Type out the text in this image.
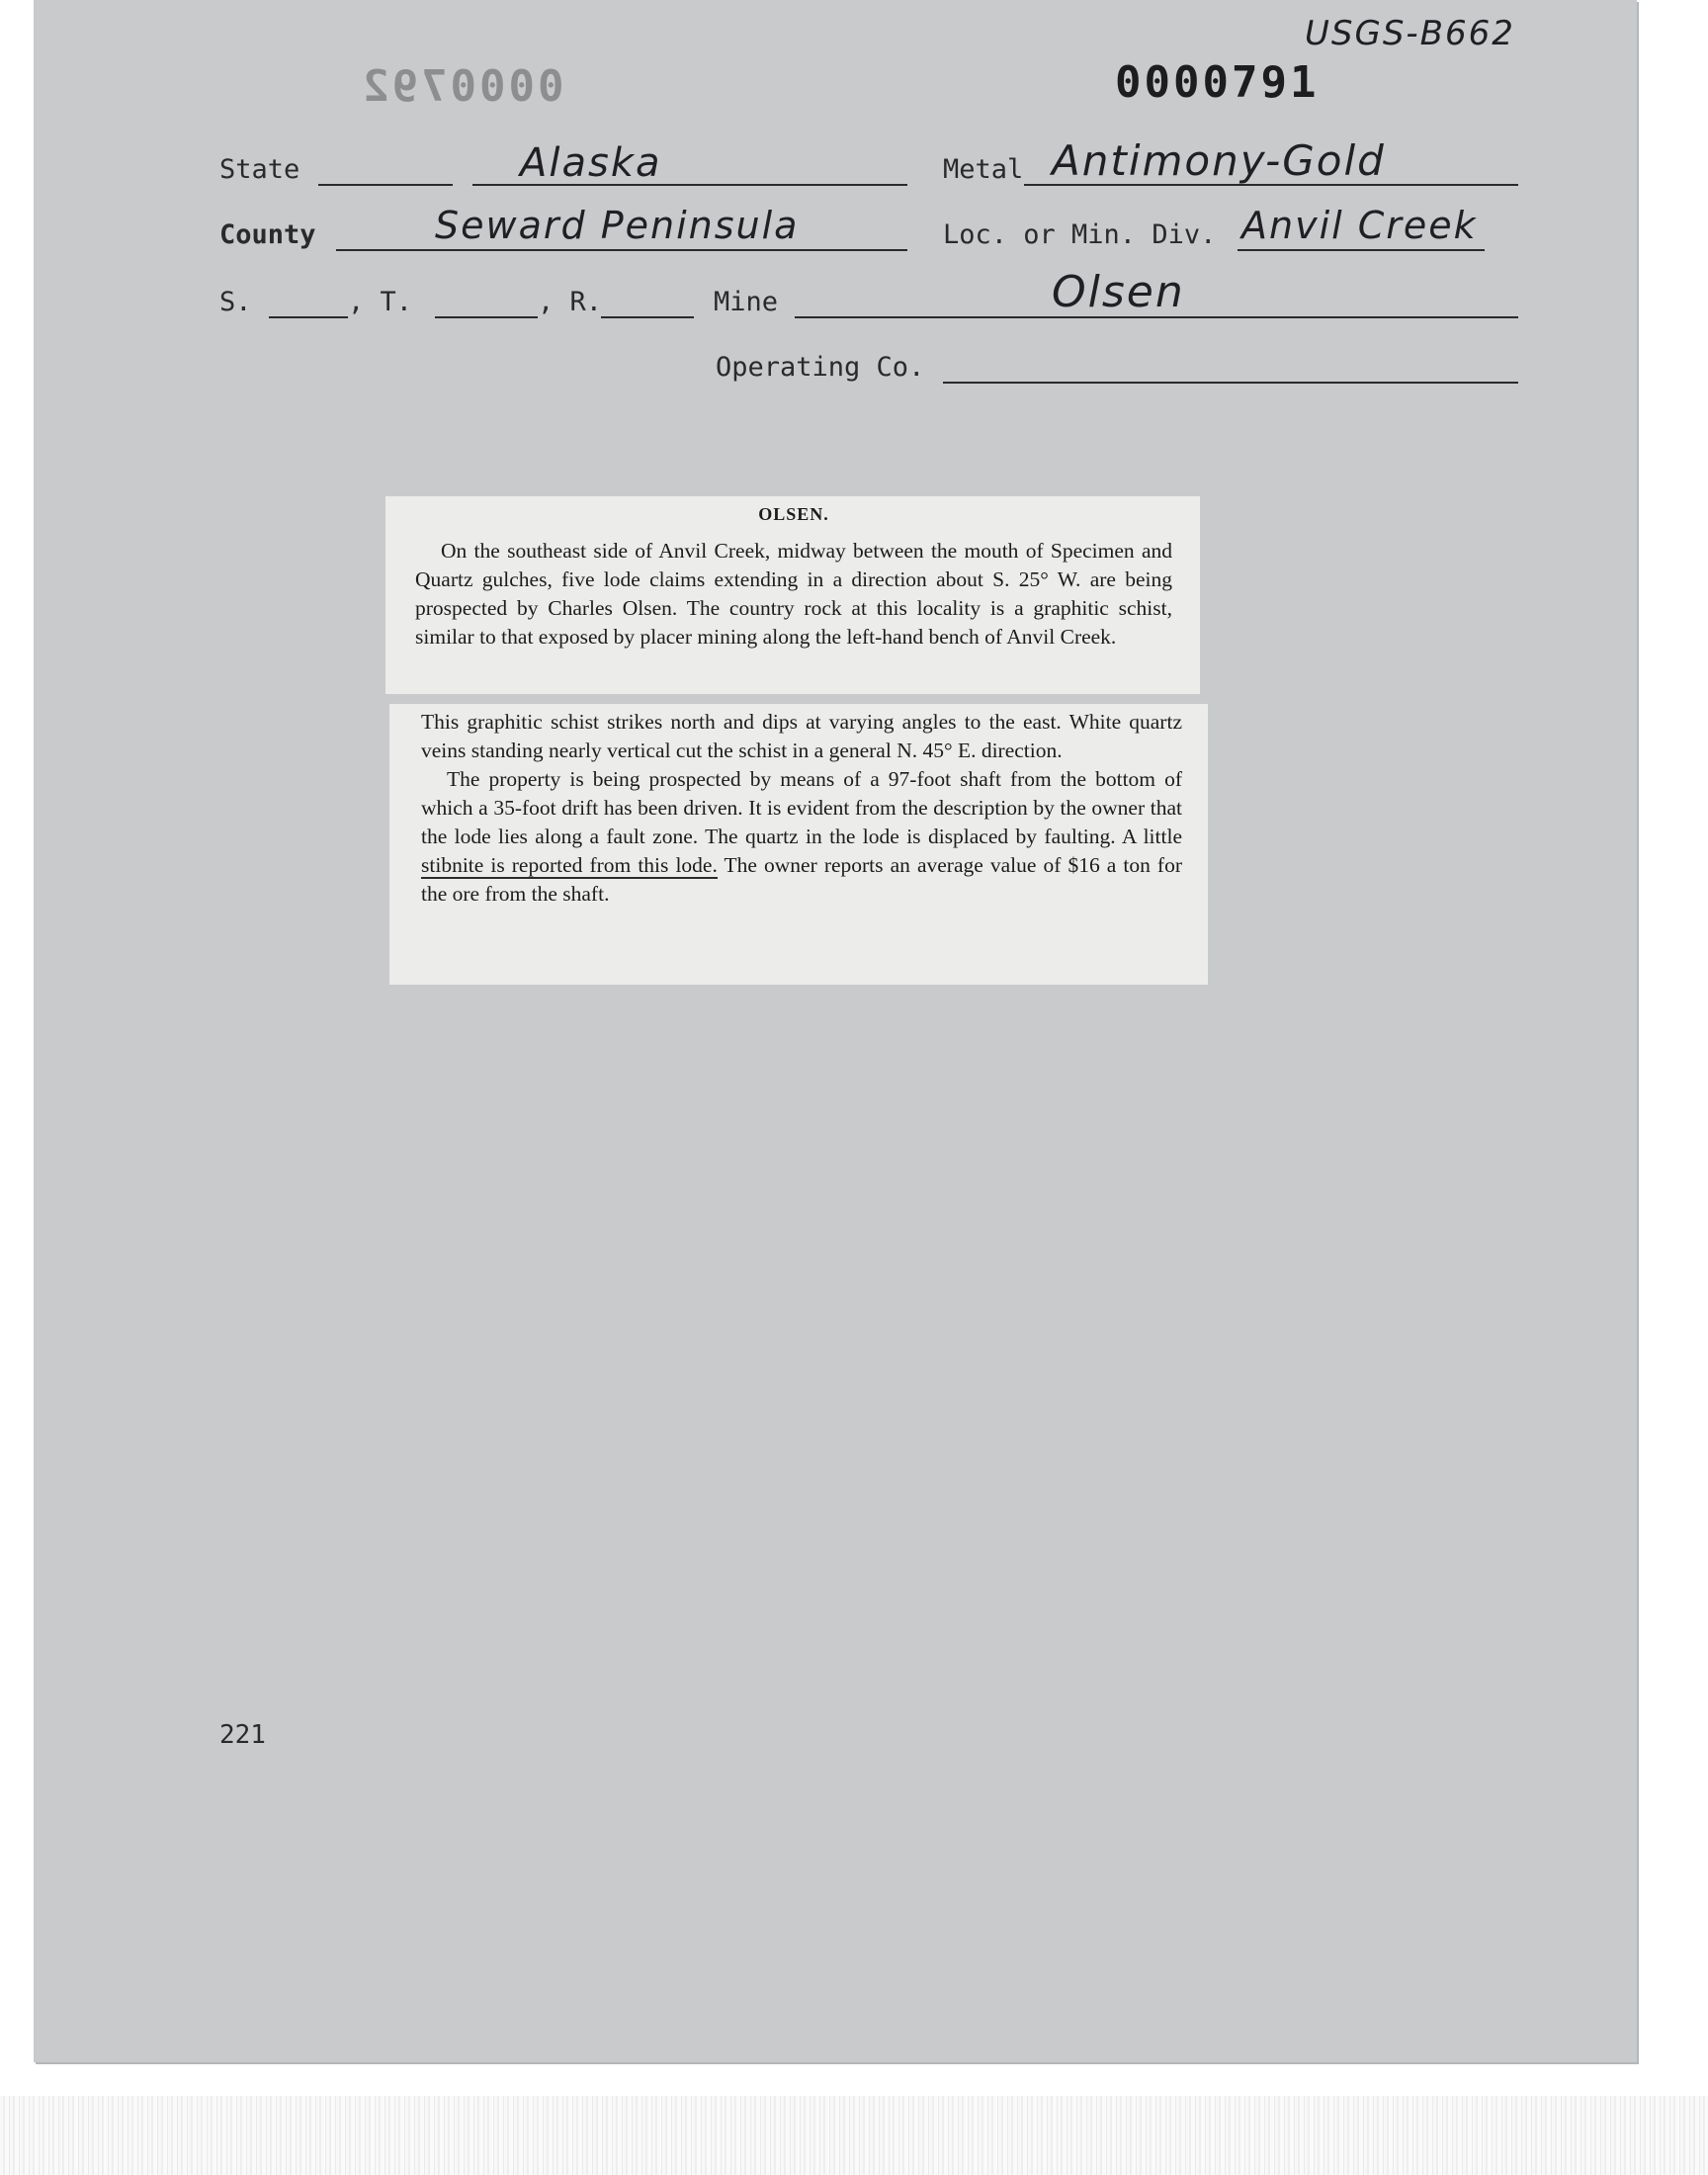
USGS-B662
0000792	0000791
State	Alaska	Metal Antimony-Gold
County	Seward Peninsula	Loc. or Min. Div. Anvil Creek
S.	, T.	, R.	Mine	Olsen
Operating Co.

OLSEN.

On the southeast side of Anvil Creek, midway between the mouth of Specimen and Quartz gulches, five lode claims extending in a direction about S. 25° W. are being prospected by Charles Olsen. The country rock at this locality is a graphitic schist, similar to that exposed by placer mining along the left-hand bench of Anvil Creek.

This graphitic schist strikes north and dips at varying angles to the east. White quartz veins standing nearly vertical cut the schist in a general N. 45° E. direction.

The property is being prospected by means of a 97-foot shaft from the bottom of which a 35-foot drift has been driven. It is evident from the description by the owner that the lode lies along a fault zone. The quartz in the lode is displaced by faulting. A little stibnite is reported from this lode. The owner reports an average value of $16 a ton for the ore from the shaft.

221
